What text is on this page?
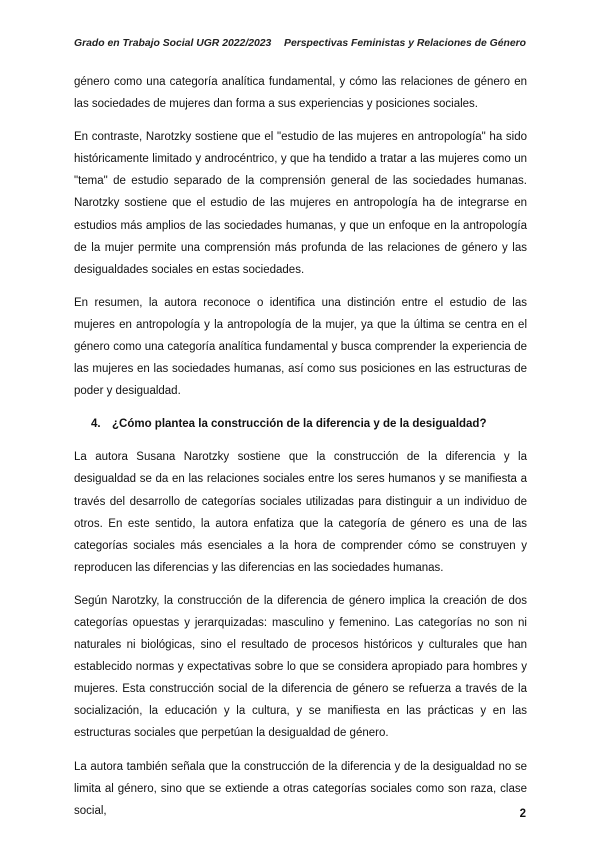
Grado en Trabajo Social UGR 2022/2023 Perspectivas Feministas y Relaciones de Género

género como una categoría analítica fundamental, y cómo las relaciones de género en las sociedades de mujeres dan forma a sus experiencias y posiciones sociales.

En contraste, Narotzky sostiene que el "estudio de las mujeres en antropología" ha sido históricamente limitado y androcéntrico, y que ha tendido a tratar a las mujeres como un "tema" de estudio separado de la comprensión general de las sociedades humanas. Narotzky sostiene que el estudio de las mujeres en antropología ha de integrarse en estudios más amplios de las sociedades humanas, y que un enfoque en la antropología de la mujer permite una comprensión más profunda de las relaciones de género y las desigualdades sociales en estas sociedades.

En resumen, la autora reconoce o identifica una distinción entre el estudio de las mujeres en antropología y la antropología de la mujer, ya que la última se centra en el género como una categoría analítica fundamental y busca comprender la experiencia de las mujeres en las sociedades humanas, así como sus posiciones en las estructuras de poder y desigualdad.

4. ¿Cómo plantea la construcción de la diferencia y de la desigualdad?

La autora Susana Narotzky sostiene que la construcción de la diferencia y la desigualdad se da en las relaciones sociales entre los seres humanos y se manifiesta a través del desarrollo de categorías sociales utilizadas para distinguir a un individuo de otros. En este sentido, la autora enfatiza que la categoría de género es una de las categorías sociales más esenciales a la hora de comprender cómo se construyen y reproducen las diferencias y las diferencias en las sociedades humanas.

Según Narotzky, la construcción de la diferencia de género implica la creación de dos categorías opuestas y jerarquizadas: masculino y femenino. Las categorías no son ni naturales ni biológicas, sino el resultado de procesos históricos y culturales que han establecido normas y expectativas sobre lo que se considera apropiado para hombres y mujeres. Esta construcción social de la diferencia de género se refuerza a través de la socialización, la educación y la cultura, y se manifiesta en las prácticas y en las estructuras sociales que perpetúan la desigualdad de género.

La autora también señala que la construcción de la diferencia y de la desigualdad no se limita al género, sino que se extiende a otras categorías sociales como son raza, clase social,	2
